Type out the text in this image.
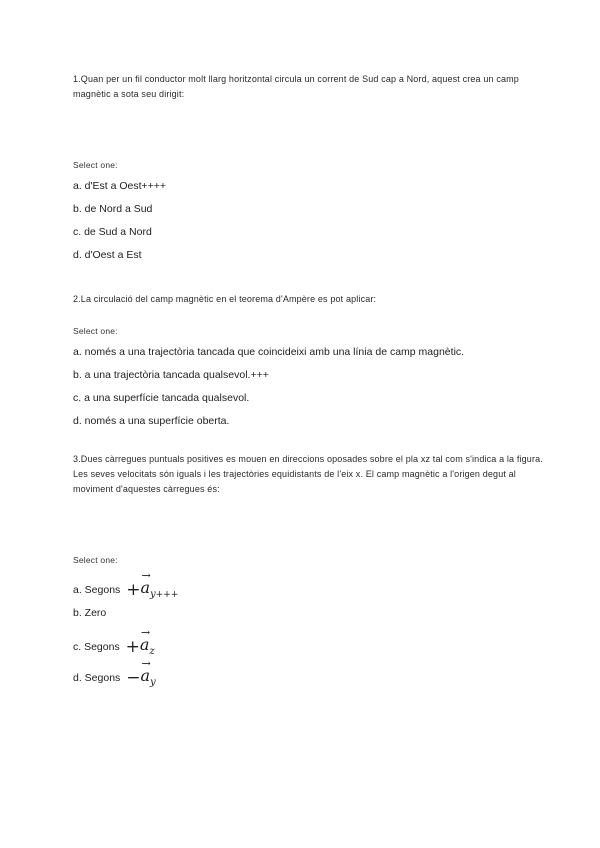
1.Quan per un fil conductor molt llarg horitzontal circula un corrent de Sud cap a Nord, aquest crea un camp magnètic a sota seu dirigit:

Select one:
a. d'Est a Oest++++
b. de Nord a Sud
c. de Sud a Nord
d. d'Oest a Est

2.La circulació del camp magnètic en el teorema d'Ampère es pot aplicar:

Select one:
a. només a una trajectòria tancada que coincideixi amb una línia de camp magnètic.
b. a una trajectòria tancada qualsevol.+++
c. a una superfície tancada qualsevol.
d. només a una superfície oberta.

3.Dues càrregues puntuals positives es mouen en direccions oposades sobre el pla xz tal com s'indica a la figura. Les seves velocitats són iguals i les trajectòries equidistants de l'eix x. El camp magnètic a l'origen degut al moviment d'aquestes càrregues és:

Select one:
a. Segons +
→
ay+++
b. Zero
c. Segons +
→
az
d. Segons −
→
ay
